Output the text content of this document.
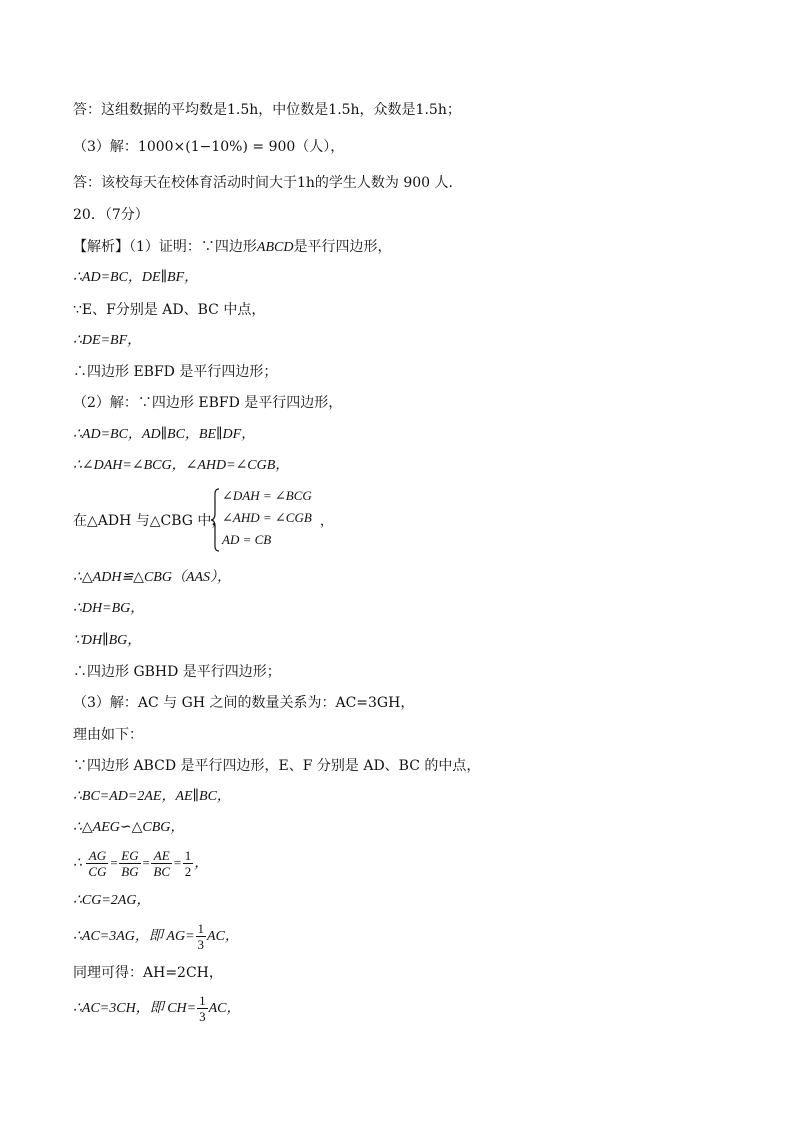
答：这组数据的平均数是1.5h，中位数是1.5h，众数是1.5h；
（3）解：1000×(1−10%) = 900（人），
答：该校每天在校体育活动时间大于1h的学生人数为 900 人．
20．（7分）
【解析】（1）证明：∵四边形ABCD是平行四边形，
∴AD=BC，DE∥BF，
∵E、F分别是 AD、BC 中点，
∴DE=BF，
∴四边形 EBFD 是平行四边形；
（2）解：∵四边形 EBFD 是平行四边形，
∴AD=BC，AD∥BC，BE∥DF，
∴∠DAH=∠BCG，∠AHD=∠CGB，
在△ADH 与△CBG 中，
∠DAH = ∠BCG
∠AHD = ∠CGB
AD = CB
，
∴△ADH≌△CBG（AAS），
∴DH=BG，
∵DH∥BG，
∴四边形 GBHD 是平行四边形；
（3）解：AC 与 GH 之间的数量关系为：AC=3GH，
理由如下：
∵四边形 ABCD 是平行四边形，E、F 分别是 AD、BC 的中点，
∴BC=AD=2AE，AE∥BC，
∴△AEG∽△CBG，
∴ $\frac{AG}{CG} = \frac{EG}{BG} = \frac{AE}{BC} = \frac{1}{2}$ ，
∴CG=2AG，
∴AC=3AG，即 $AG= \frac{1}{3}$ AC，
同理可得：AH=2CH，
∴AC=3CH，即 $CH= \frac{1}{3}$ AC，
